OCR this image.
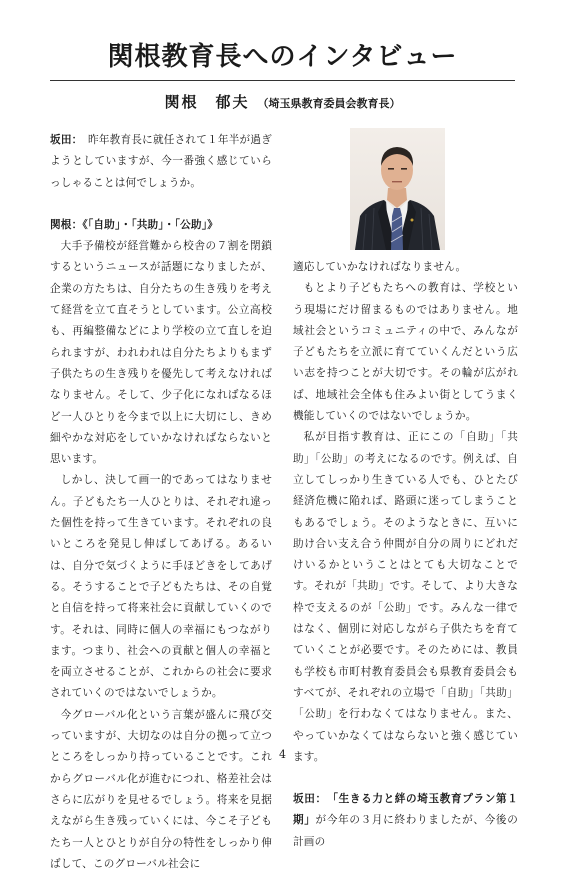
関根教育長へのインタビュー
関根　郁夫 （埼玉県教育委員会教育長）

坂田：　 昨年教育長に就任されて１年半が過ぎようとしていますが、今一番強く感じていらっしゃることは何でしょうか。

関根：《「自助」・「共助」・「公助」》

大手予備校が経営難から校舎の７割を閉鎖するというニュースが話題になりましたが、企業の方たちは、自分たちの生き残りを考えて経営を立て直そうとしています。公立高校も、再編整備などにより学校の立て直しを迫られますが、われわれは自分たちよりもまず子供たちの生き残りを優先して考えなければなりません。そして、少子化になればなるほど一人ひとりを今まで以上に大切にし、きめ細やかな対応をしていかなければならないと思います。

しかし、決して画一的であってはなりません。子どもたち一人ひとりは、それぞれ違った個性を持って生きています。それぞれの良いところを発見し伸ばしてあげる。あるいは、自分で気づくように手ほどきをしてあげる。そうすることで子どもたちは、その自覚と自信を持って将来社会に貢献していくのです。それは、同時に個人の幸福にもつながります。つまり、社会への貢献と個人の幸福とを両立させることが、これからの社会に要求されていくのではないでしょうか。

今グローバル化という言葉が盛んに飛び交っていますが、大切なのは自分の拠って立つところをしっかり持っていることです。これからグローバル化が進むにつれ、格差社会はさらに広がりを見せるでしょう。将来を見据えながら生き残っていくには、今こそ子どもたち一人とひとりが自分の特性をしっかり伸ばして、このグローバル社会に

適応していかなければなりません。

もとより子どもたちへの教育は、学校という現場にだけ留まるものではありません。地域社会というコミュニティの中で、みんなが子どもたちを立派に育てていくんだという広い志を持つことが大切です。その輪が広がれば、地域社会全体も住みよい街としてうまく機能していくのではないでしょうか。

私が目指す教育は、正にこの「自助」「共助」「公助」の考えになるのです。例えば、自立してしっかり生きている人でも、ひとたび経済危機に陥れば、路頭に迷ってしまうこともあるでしょう。そのようなときに、互いに助け合い支え合う仲間が自分の周りにどれだけいるかということはとても大切なことです。それが「共助」です。そして、より大きな枠で支えるのが「公助」です。みんな一律ではなく、個別に対応しながら子供たちを育てていくことが必要です。そのためには、教員も学校も市町村教育委員会も県教育委員会もすべてが、それぞれの立場で「自助」「共助」「公助」を行わなくてはなりません。また、やっていかなくてはならないと強く感じています。

坂田：　 「生きる力と絆の埼玉教育プラン第１期」が今年の３月に終わりましたが、今後の計画の

4
